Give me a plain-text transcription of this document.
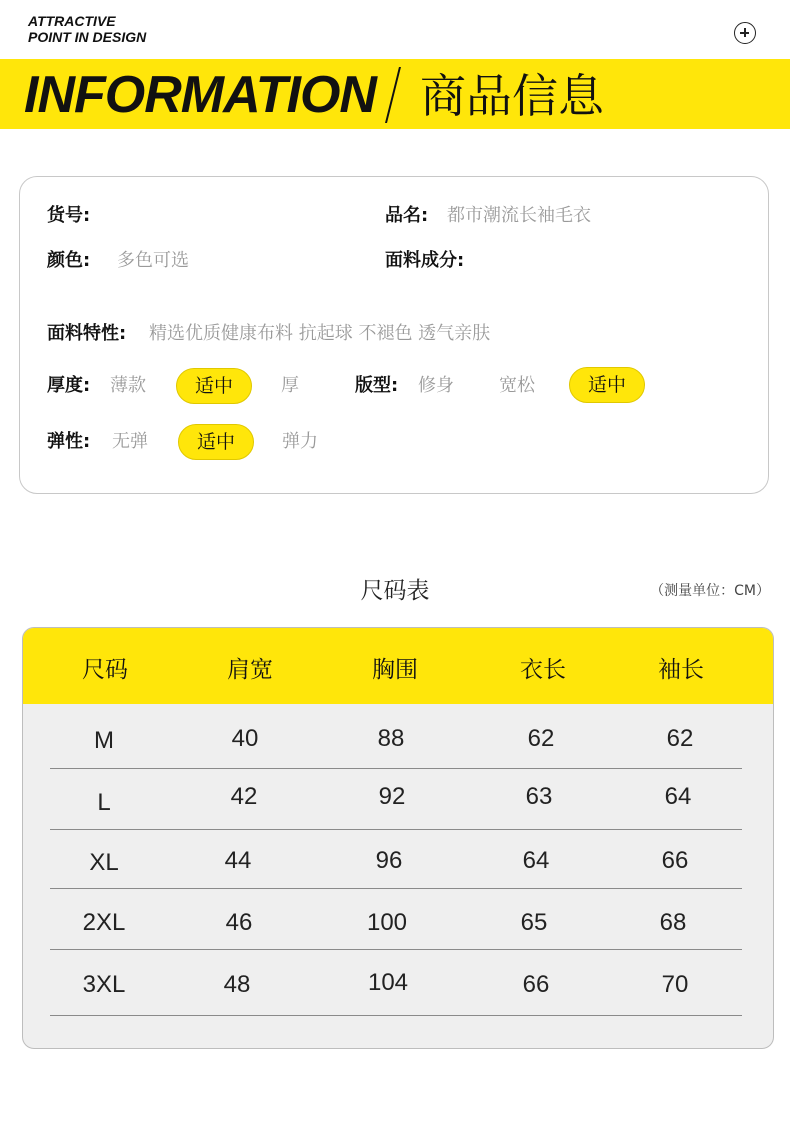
ATTRACTIVE
POINT IN DESIGN
INFORMATION 商品信息
货号:	品名: 都市潮流长袖毛衣
颜色: 多色可选	面料成分:
面料特性: 精选优质健康布料 抗起球 不褪色 透气亲肤
厚度: 薄款	适中	厚	版型: 修身	宽松	适中
弹性: 无弹	适中	弹力
尺码表	（测量单位：CM）
尺码	肩宽	胸围	衣长	袖长
M	40	88	62	62
L	42	92	63	64
XL	44	96	64	66
2XL	46	100	65	68
3XL	48	104	66	70
